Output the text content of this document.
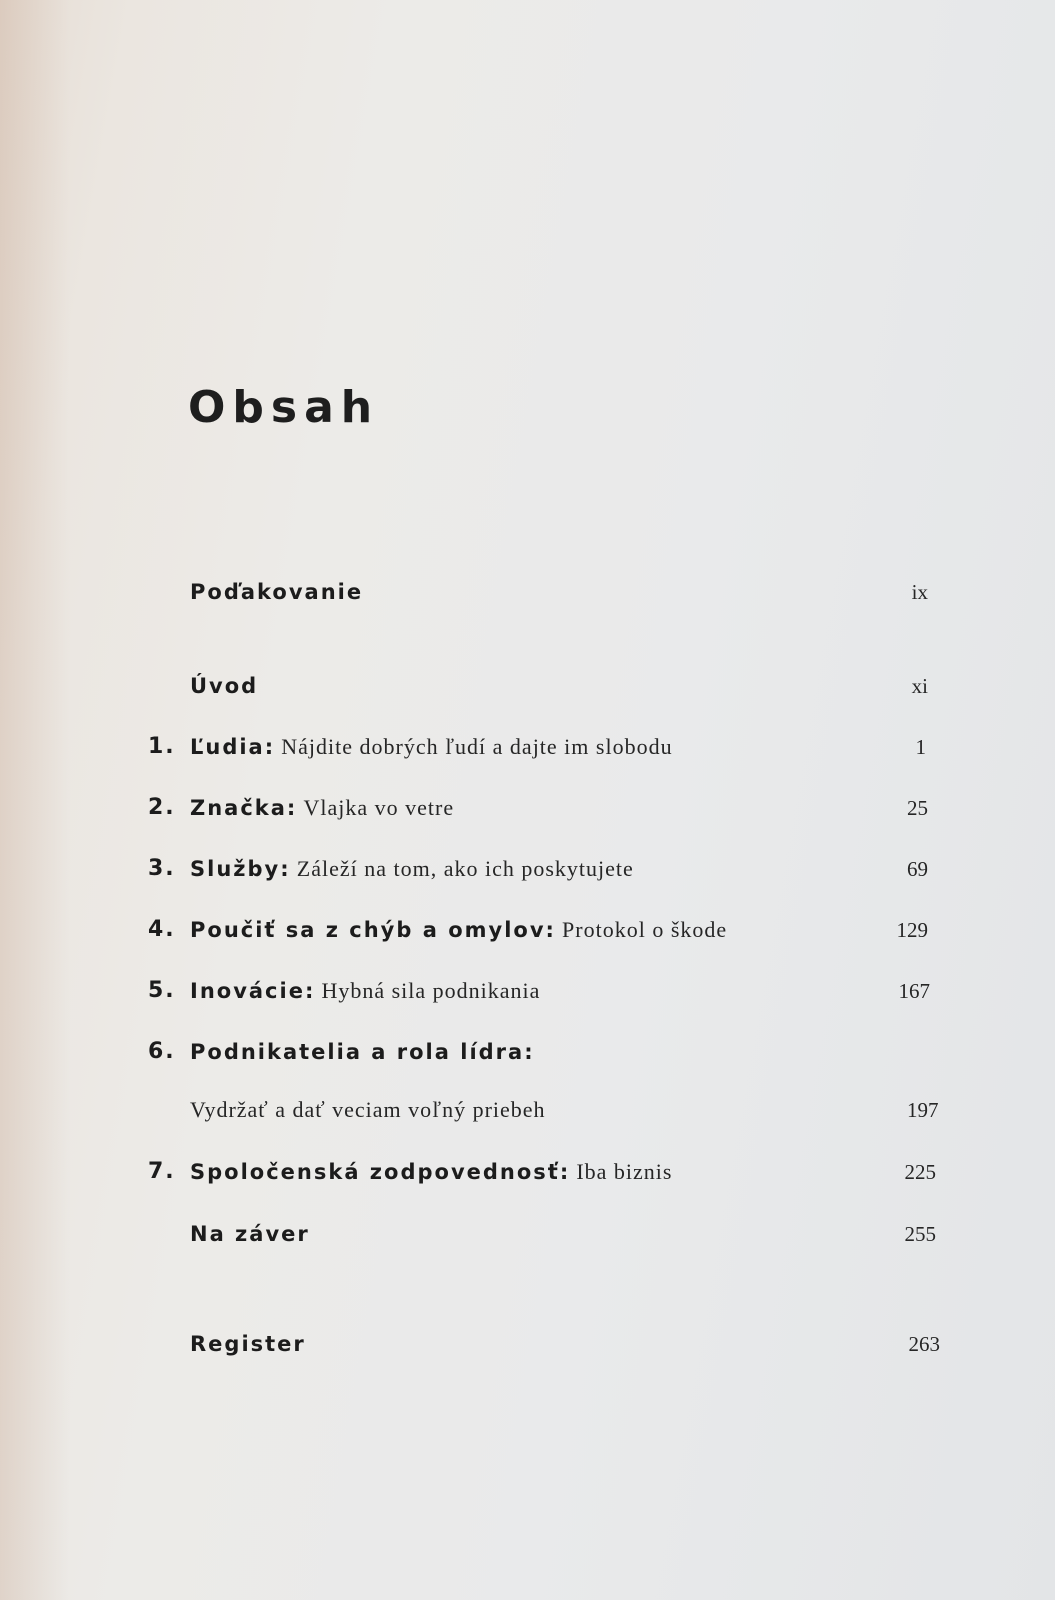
Obsah
Poďakovanie	ix
Úvod	xi
1. Ľudia: Nájdite dobrých ľudí a dajte im slobodu	1
2. Značka: Vlajka vo vetre	25
3. Služby: Záleží na tom, ako ich poskytujete	69
4. Poučiť sa z chýb a omylov: Protokol o škode	129
5. Inovácie: Hybná sila podnikania	167
6. Podnikatelia a rola lídra:
Vydržať a dať veciam voľný priebeh	197
7. Spoločenská zodpovednosť: Iba biznis	225
Na záver	255
Register	263
